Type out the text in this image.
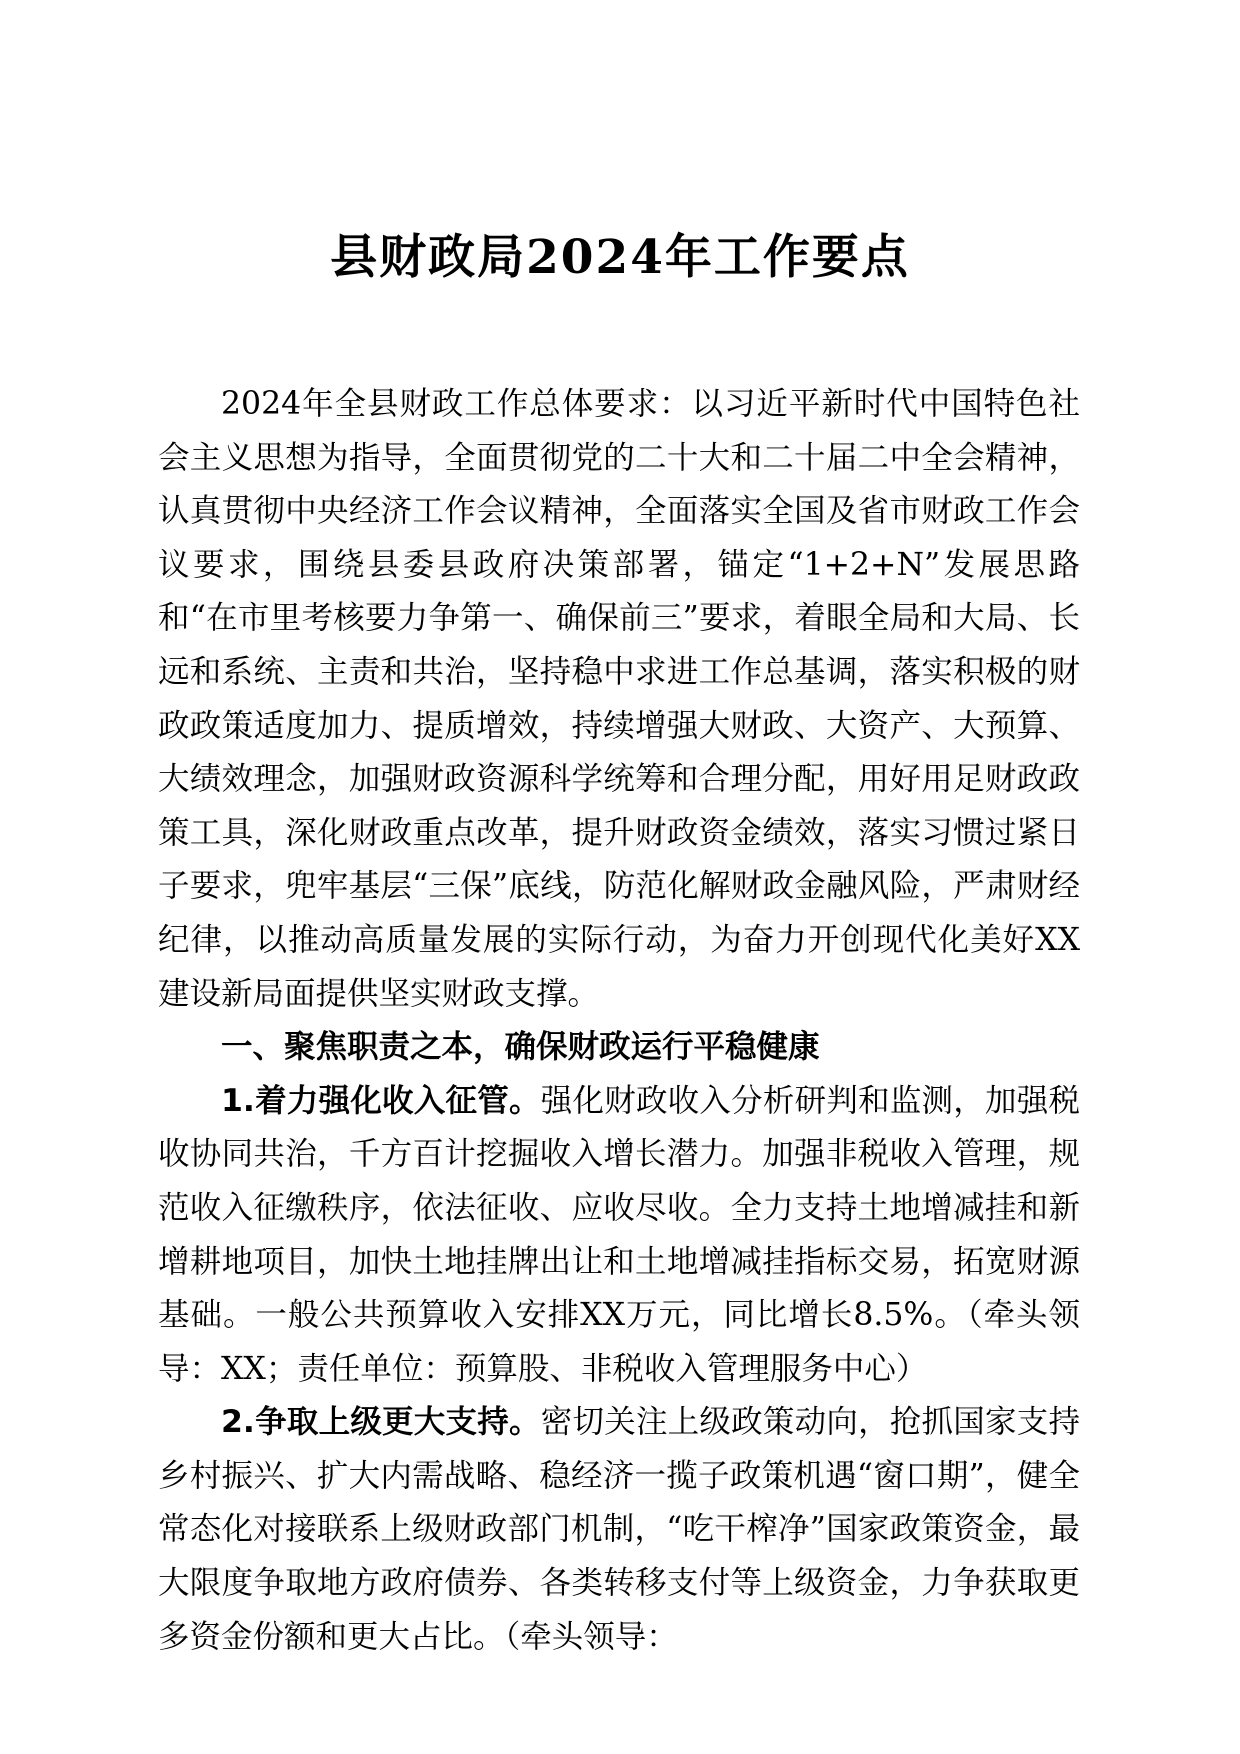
县财政局2024年工作要点

2024年全县财政工作总体要求：以习近平新时代中国特色社会主义思想为指导，全面贯彻党的二十大和二十届二中全会精神，认真贯彻中央经济工作会议精神，全面落实全国及省市财政工作会议要求，围绕县委县政府决策部署，锚定“1+2+N”发展思路和“在市里考核要力争第一、确保前三”要求，着眼全局和大局、长远和系统、主责和共治，坚持稳中求进工作总基调，落实积极的财政政策适度加力、提质增效，持续增强大财政、大资产、大预算、大绩效理念，加强财政资源科学统筹和合理分配，用好用足财政政策工具，深化财政重点改革，提升财政资金绩效，落实习惯过紧日子要求，兜牢基层“三保”底线，防范化解财政金融风险，严肃财经纪律，以推动高质量发展的实际行动，为奋力开创现代化美好XX建设新局面提供坚实财政支撑。

一、聚焦职责之本，确保财政运行平稳健康

1.着力强化收入征管。强化财政收入分析研判和监测，加强税收协同共治，千方百计挖掘收入增长潜力。加强非税收入管理，规范收入征缴秩序，依法征收、应收尽收。全力支持土地增减挂和新增耕地项目，加快土地挂牌出让和土地增减挂指标交易，拓宽财源基础。一般公共预算收入安排XX万元，同比增长8.5%。（牵头领导：XX；责任单位：预算股、非税收入管理服务中心）

2.争取上级更大支持。密切关注上级政策动向，抢抓国家支持乡村振兴、扩大内需战略、稳经济一揽子政策机遇“窗口期”，健全常态化对接联系上级财政部门机制，“吃干榨净”国家政策资金，最大限度争取地方政府债券、各类转移支付等上级资金，力争获取更多资金份额和更大占比。（牵头领导：
